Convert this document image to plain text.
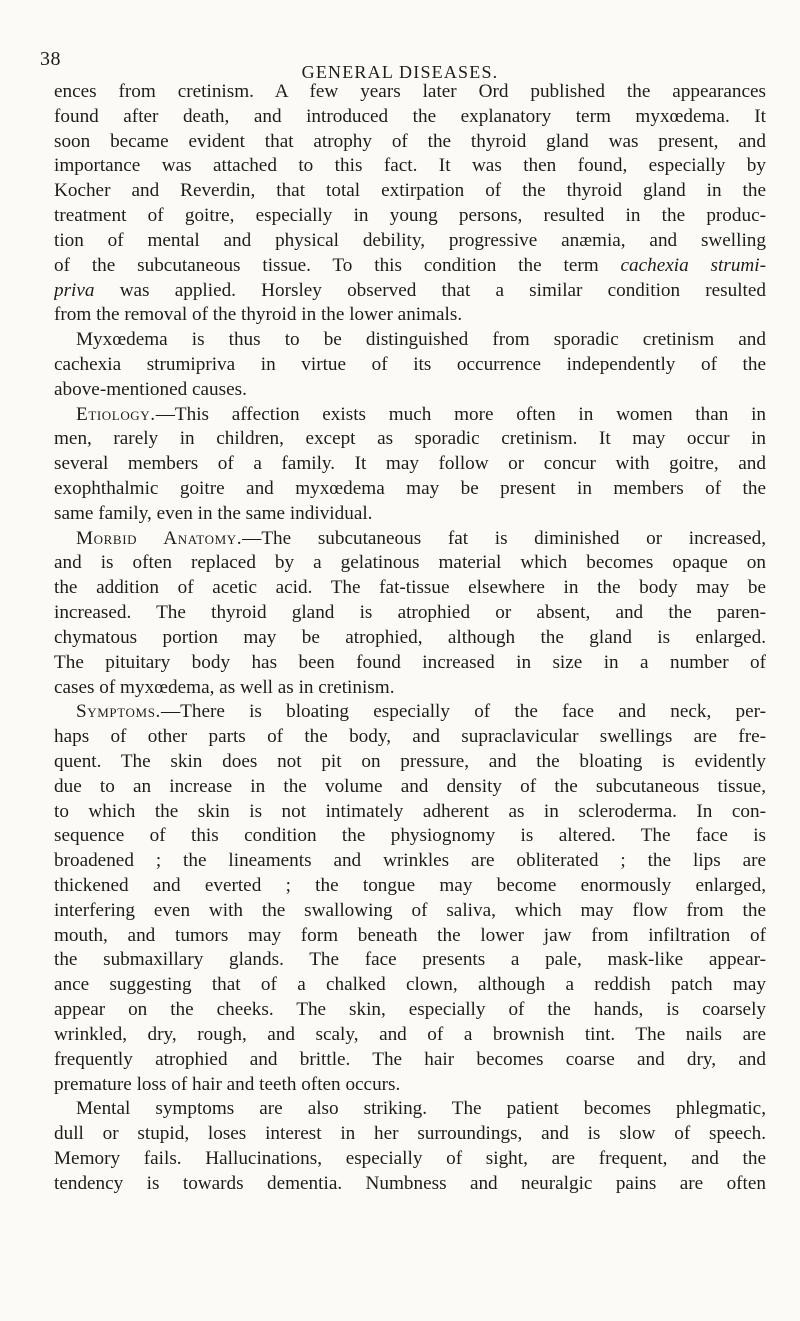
38
GENERAL DISEASES.
ences from cretinism. A few years later Ord published the appearances
found after death, and introduced the explanatory term myxœdema. It
soon became evident that atrophy of the thyroid gland was present, and
importance was attached to this fact. It was then found, especially by
Kocher and Reverdin, that total extirpation of the thyroid gland in the
treatment of goitre, especially in young persons, resulted in the produc-
tion of mental and physical debility, progressive anæmia, and swelling
of the subcutaneous tissue. To this condition the term cachexia strumi-
priva was applied. Horsley observed that a similar condition resulted
from the removal of the thyroid in the lower animals.
Myxœdema is thus to be distinguished from sporadic cretinism and
cachexia strumipriva in virtue of its occurrence independently of the
above-mentioned causes.
Etiology.—This affection exists much more often in women than in
men, rarely in children, except as sporadic cretinism. It may occur in
several members of a family. It may follow or concur with goitre, and
exophthalmic goitre and myxœdema may be present in members of the
same family, even in the same individual.
Morbid Anatomy.—The subcutaneous fat is diminished or increased,
and is often replaced by a gelatinous material which becomes opaque on
the addition of acetic acid. The fat-tissue elsewhere in the body may be
increased. The thyroid gland is atrophied or absent, and the paren-
chymatous portion may be atrophied, although the gland is enlarged.
The pituitary body has been found increased in size in a number of
cases of myxœdema, as well as in cretinism.
Symptoms.—There is bloating especially of the face and neck, per-
haps of other parts of the body, and supraclavicular swellings are fre-
quent. The skin does not pit on pressure, and the bloating is evidently
due to an increase in the volume and density of the subcutaneous tissue,
to which the skin is not intimately adherent as in scleroderma. In con-
sequence of this condition the physiognomy is altered. The face is
broadened ; the lineaments and wrinkles are obliterated ; the lips are
thickened and everted ; the tongue may become enormously enlarged,
interfering even with the swallowing of saliva, which may flow from the
mouth, and tumors may form beneath the lower jaw from infiltration of
the submaxillary glands. The face presents a pale, mask-like appear-
ance suggesting that of a chalked clown, although a reddish patch may
appear on the cheeks. The skin, especially of the hands, is coarsely
wrinkled, dry, rough, and scaly, and of a brownish tint. The nails are
frequently atrophied and brittle. The hair becomes coarse and dry, and
premature loss of hair and teeth often occurs.
Mental symptoms are also striking. The patient becomes phlegmatic,
dull or stupid, loses interest in her surroundings, and is slow of speech.
Memory fails. Hallucinations, especially of sight, are frequent, and the
tendency is towards dementia. Numbness and neuralgic pains are often
